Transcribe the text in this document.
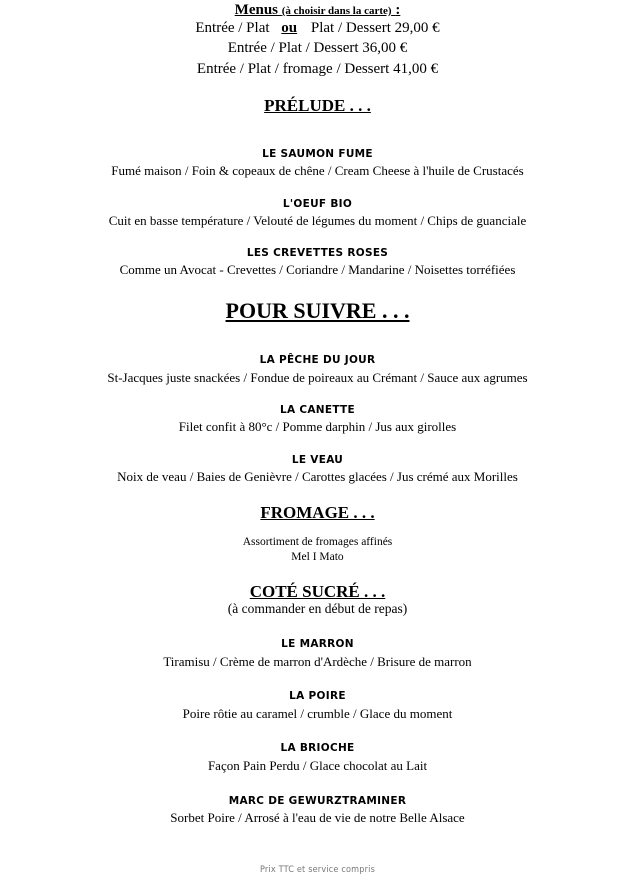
Menus (à choisir dans la carte) :
Entrée / Plat ou Plat / Dessert 29,00 €
Entrée / Plat / Dessert 36,00 €
Entrée / Plat / fromage / Dessert 41,00 €
PRÉLUDE . . .
LE SAUMON FUME
Fumé maison / Foin & copeaux de chêne / Cream Cheese à l'huile de Crustacés
L'OEUF BIO
Cuit en basse température / Velouté de légumes du moment / Chips de guanciale
LES CREVETTES ROSES
Comme un Avocat - Crevettes / Coriandre / Mandarine / Noisettes torréfiées
POUR SUIVRE . . .
LA PÊCHE DU JOUR
St-Jacques juste snackées / Fondue de poireaux au Crémant / Sauce aux agrumes
LA CANETTE
Filet confit à 80°c / Pomme darphin / Jus aux girolles
LE VEAU
Noix de veau / Baies de Genièvre / Carottes glacées / Jus crémé aux Morilles
FROMAGE . . .
Assortiment de fromages affinés
Mel I Mato
COTÉ SUCRÉ . . .
(à commander en début de repas)
LE MARRON
Tiramisu / Crème de marron d'Ardèche / Brisure de marron
LA POIRE
Poire rôtie au caramel / crumble / Glace du moment
LA BRIOCHE
Façon Pain Perdu / Glace chocolat au Lait
MARC DE GEWURZTRAMINER
Sorbet Poire / Arrosé à l'eau de vie de notre Belle Alsace
Prix TTC et service compris
